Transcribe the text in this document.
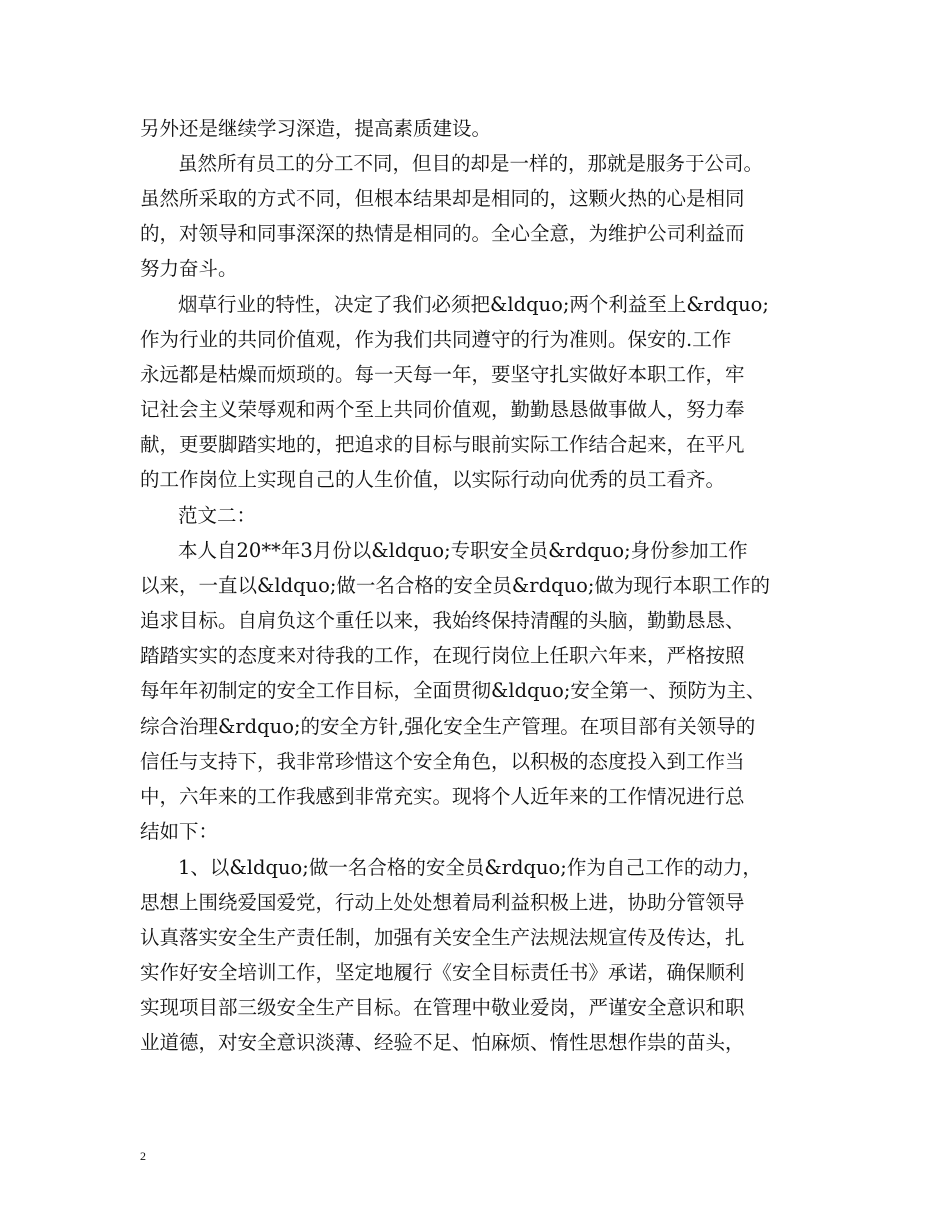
另外还是继续学习深造，提高素质建设。
虽然所有员工的分工不同，但目的却是一样的，那就是服务于公司。
虽然所采取的方式不同，但根本结果却是相同的，这颗火热的心是相同
的，对领导和同事深深的热情是相同的。全心全意，为维护公司利益而
努力奋斗。
烟草行业的特性，决定了我们必须把&ldquo;两个利益至上&rdquo;
作为行业的共同价值观，作为我们共同遵守的行为准则。保安的.工作
永远都是枯燥而烦琐的。每一天每一年，要坚守扎实做好本职工作，牢
记社会主义荣辱观和两个至上共同价值观，勤勤恳恳做事做人，努力奉
献，更要脚踏实地的，把追求的目标与眼前实际工作结合起来，在平凡
的工作岗位上实现自己的人生价值，以实际行动向优秀的员工看齐。
范文二：
本人自20**年3月份以&ldquo;专职安全员&rdquo;身份参加工作
以来，一直以&ldquo;做一名合格的安全员&rdquo;做为现行本职工作的
追求目标。自肩负这个重任以来，我始终保持清醒的头脑，勤勤恳恳、
踏踏实实的态度来对待我的工作，在现行岗位上任职六年来，严格按照
每年年初制定的安全工作目标，全面贯彻&ldquo;安全第一、预防为主、
综合治理&rdquo;的安全方针,强化安全生产管理。在项目部有关领导的
信任与支持下，我非常珍惜这个安全角色，以积极的态度投入到工作当
中，六年来的工作我感到非常充实。现将个人近年来的工作情况进行总
结如下：
1、以&ldquo;做一名合格的安全员&rdquo;作为自己工作的动力，
思想上围绕爱国爱党，行动上处处想着局利益积极上进，协助分管领导
认真落实安全生产责任制，加强有关安全生产法规法规宣传及传达，扎
实作好安全培训工作，坚定地履行《安全目标责任书》承诺，确保顺利
实现项目部三级安全生产目标。在管理中敬业爱岗，严谨安全意识和职
业道德，对安全意识淡薄、经验不足、怕麻烦、惰性思想作祟的苗头，
2
